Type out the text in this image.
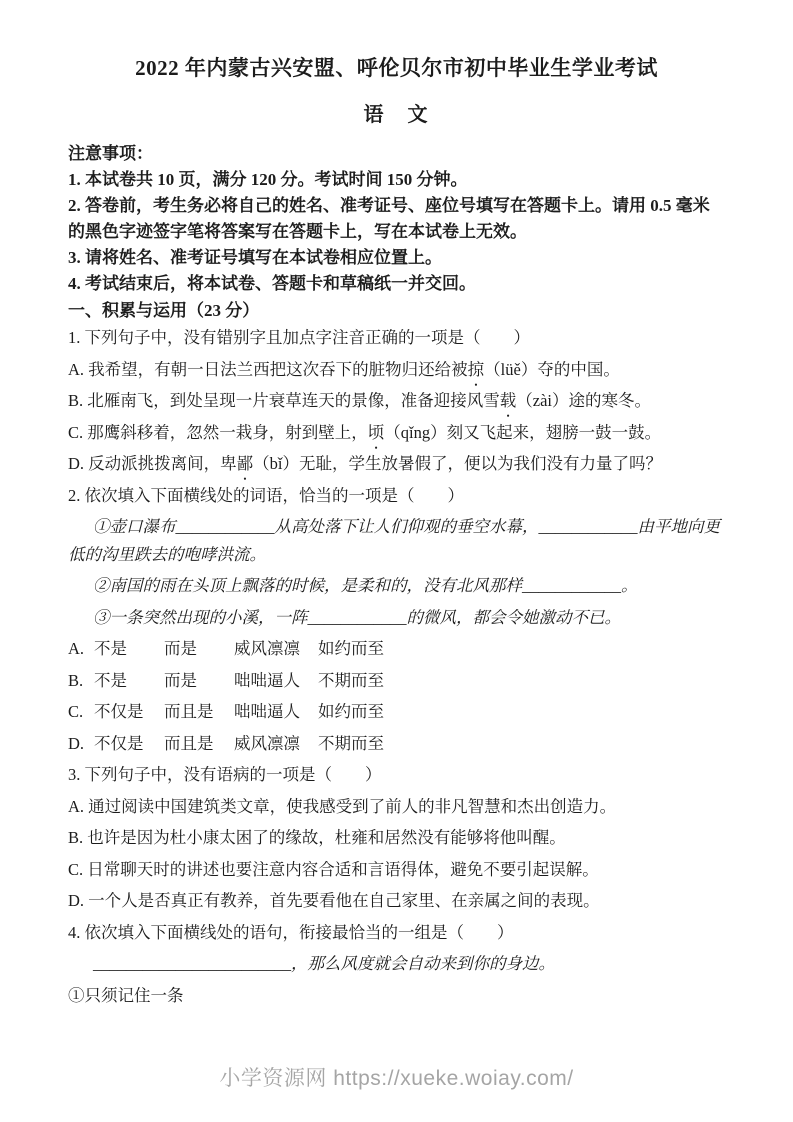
2022 年内蒙古兴安盟、呼伦贝尔市初中毕业生学业考试
语　文

注意事项：

1. 本试卷共 10 页，满分 120 分。考试时间 150 分钟。

2. 答卷前，考生务必将自己的姓名、准考证号、座位号填写在答题卡上。请用 0.5 毫米的黑色字迹签字笔将答案写在答题卡上，写在本试卷上无效。

3. 请将姓名、准考证号填写在本试卷相应位置上。

4. 考试结束后，将本试卷、答题卡和草稿纸一并交回。

一、积累与运用（23 分）

1. 下列句子中，没有错别字且加点字注音正确的一项是（　　）

A. 我希望，有朝一日法兰西把这次吞下的脏物归还给被掠（lüě）夺的中国。

B. 北雁南飞，到处呈现一片衰草连天的景像，准备迎接风雪载（zài）途的寒冬。

C. 那鹰斜移着，忽然一栽身，射到壁上，顷（qǐng）刻又飞起来，翅膀一鼓一鼓。

D. 反动派挑拨离间，卑鄙（bǐ）无耻，学生放暑假了，便以为我们没有力量了吗？

2. 依次填入下面横线处的词语，恰当的一项是（　　）

①壶口瀑布____________从高处落下让人们仰观的垂空水幕，____________由平地向更低的沟里跌去的咆哮洪流。

②南国的雨在头顶上飘落的时候，是柔和的，没有北风那样____________。

③一条突然出现的小溪，一阵____________的微风，都会令她激动不已。

A. 不是	而是	威风凛凛	如约而至
B. 不是	而是	咄咄逼人	不期而至
C. 不仅是	而且是	咄咄逼人	如约而至
D. 不仅是	而且是	威风凛凛	不期而至

3. 下列句子中，没有语病的一项是（　　）

A. 通过阅读中国建筑类文章，使我感受到了前人的非凡智慧和杰出创造力。

B. 也许是因为杜小康太困了的缘故，杜雍和居然没有能够将他叫醒。

C. 日常聊天时的讲述也要注意内容合适和言语得体，避免不要引起误解。

D. 一个人是否真正有教养，首先要看他在自己家里、在亲属之间的表现。

4. 依次填入下面横线处的语句，衔接最恰当的一组是（　　）

________________________，那么风度就会自动来到你的身边。

①只须记住一条

小学资源网 https://xueke.woiay.com/
